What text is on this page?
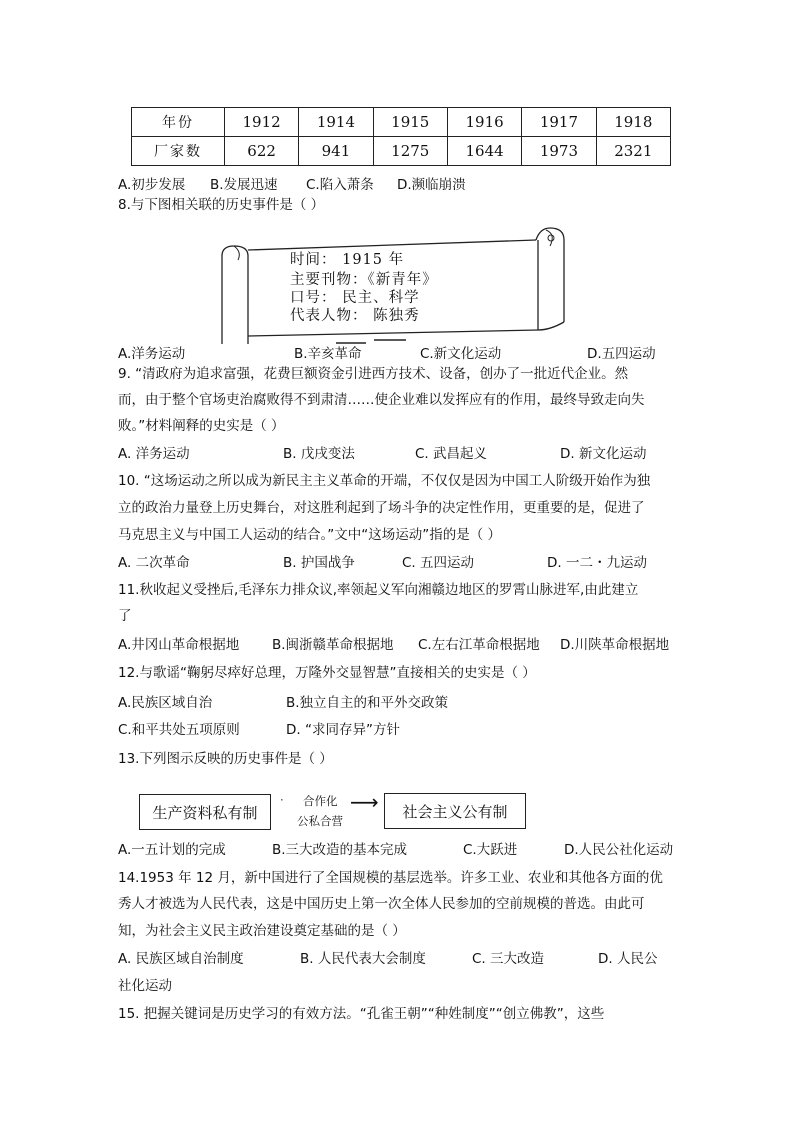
年份	1912	1914	1915	1916	1917	1918
厂家数	622	941	1275	1644	1973	2321
A.初步发展 B.发展迅速 C.陷入萧条 D.濒临崩溃
8.与下图相关联的历史事件是（ ）
时间： 1915 年
主要刊物：《新青年》
口号： 民主、科学
代表人物： 陈独秀
A.洋务运动	B.辛亥革命	C.新文化运动	D.五四运动
9. “清政府为追求富强，花费巨额资金引进西方技术、设备，创办了一批近代企业。然
而，由于整个官场吏治腐败得不到肃清……使企业难以发挥应有的作用，最终导致走向失
败。”材料阐释的史实是（ ）
A. 洋务运动	B. 戊戌变法	C. 武昌起义	D. 新文化运动
10. “这场运动之所以成为新民主主义革命的开端，不仅仅是因为中国工人阶级开始作为独
立的政治力量登上历史舞台，对这胜利起到了场斗争的决定性作用，更重要的是，促进了
马克思主义与中国工人运动的结合。”文中“这场运动”指的是（ ）
A. 二次革命	B. 护国战争	C. 五四运动	D. 一二・九运动
11.秋收起义受挫后,毛泽东力排众议,率领起义军向湘赣边地区的罗霄山脉进军,由此建立
了
A.井冈山革命根据地 B.闽浙赣革命根据地 C.左右江革命根据地 D.川陕革命根据地
12.与歌谣“鞠躬尽瘁好总理，万隆外交显智慧”直接相关的史实是（ ）
A.民族区域自治	B.独立自主的和平外交政策
C.和平共处五项原则	D. “求同存异”方针
13.下列图示反映的历史事件是（ ）
生产资料私有制
· 合作化 ⟶
公私合营
社会主义公有制
A.一五计划的完成	B.三大改造的基本完成	C.大跃进	D.人民公社化运动
14.1953 年 12 月，新中国进行了全国规模的基层选举。许多工业、农业和其他各方面的优
秀人才被选为人民代表，这是中国历史上第一次全体人民参加的空前规模的普选。由此可
知，为社会主义民主政治建设奠定基础的是（ ）
A. 民族区域自治制度	B. 人民代表大会制度	C. 三大改造	D. 人民公
社化运动
15. 把握关键词是历史学习的有效方法。“孔雀王朝”“种姓制度”“创立佛教”，这些
